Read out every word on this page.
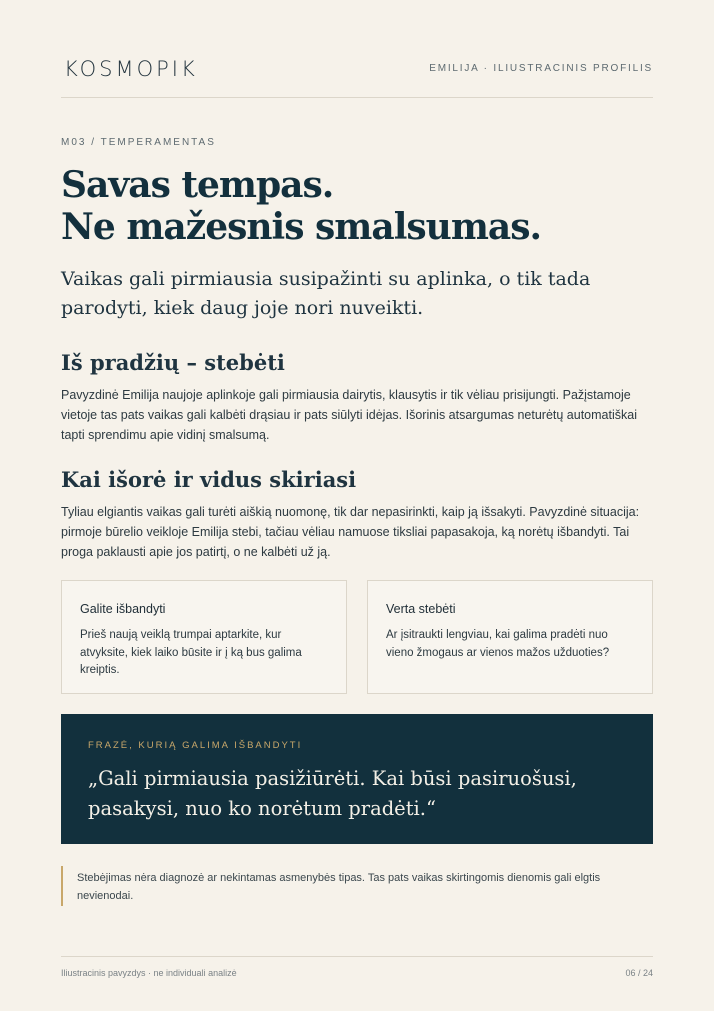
KOSMOPIK	EMILIJA · ILIUSTRACINIS PROFILIS
M03 / TEMPERAMENTAS
Savas tempas.
Ne mažesnis smalsumas.

Vaikas gali pirmiausia susipažinti su aplinka, o tik tada parodyti, kiek daug joje nori nuveikti.

Iš pradžių – stebėti

Pavyzdinė Emilija naujoje aplinkoje gali pirmiausia dairytis, klausytis ir tik vėliau prisijungti. Pažįstamoje vietoje tas pats vaikas gali kalbėti drąsiau ir pats siūlyti idėjas. Išorinis atsargumas neturėtų automatiškai tapti sprendimu apie vidinį smalsumą.

Kai išorė ir vidus skiriasi

Tyliau elgiantis vaikas gali turėti aiškią nuomonę, tik dar nepasirinkti, kaip ją išsakyti. Pavyzdinė situacija: pirmoje būrelio veikloje Emilija stebi, tačiau vėliau namuose tiksliai papasakoja, ką norėtų išbandyti. Tai proga paklausti apie jos patirtį, o ne kalbėti už ją.

Galite išbandyti
Prieš naują veiklą trumpai aptarkite, kur atvyksite, kiek laiko būsite ir į ką bus galima kreiptis.
Verta stebėti
Ar įsitraukti lengviau, kai galima pradėti nuo vieno žmogaus ar vienos mažos užduoties?
FRAZĖ, KURIĄ GALIMA IŠBANDYTI
„Gali pirmiausia pasižiūrėti. Kai būsi pasiruošusi, pasakysi, nuo ko norėtum pradėti.“
Stebėjimas nėra diagnozė ar nekintamas asmenybės tipas. Tas pats vaikas skirtingomis dienomis gali elgtis nevienodai.
Iliustracinis pavyzdys · ne individuali analizė	06 / 24
